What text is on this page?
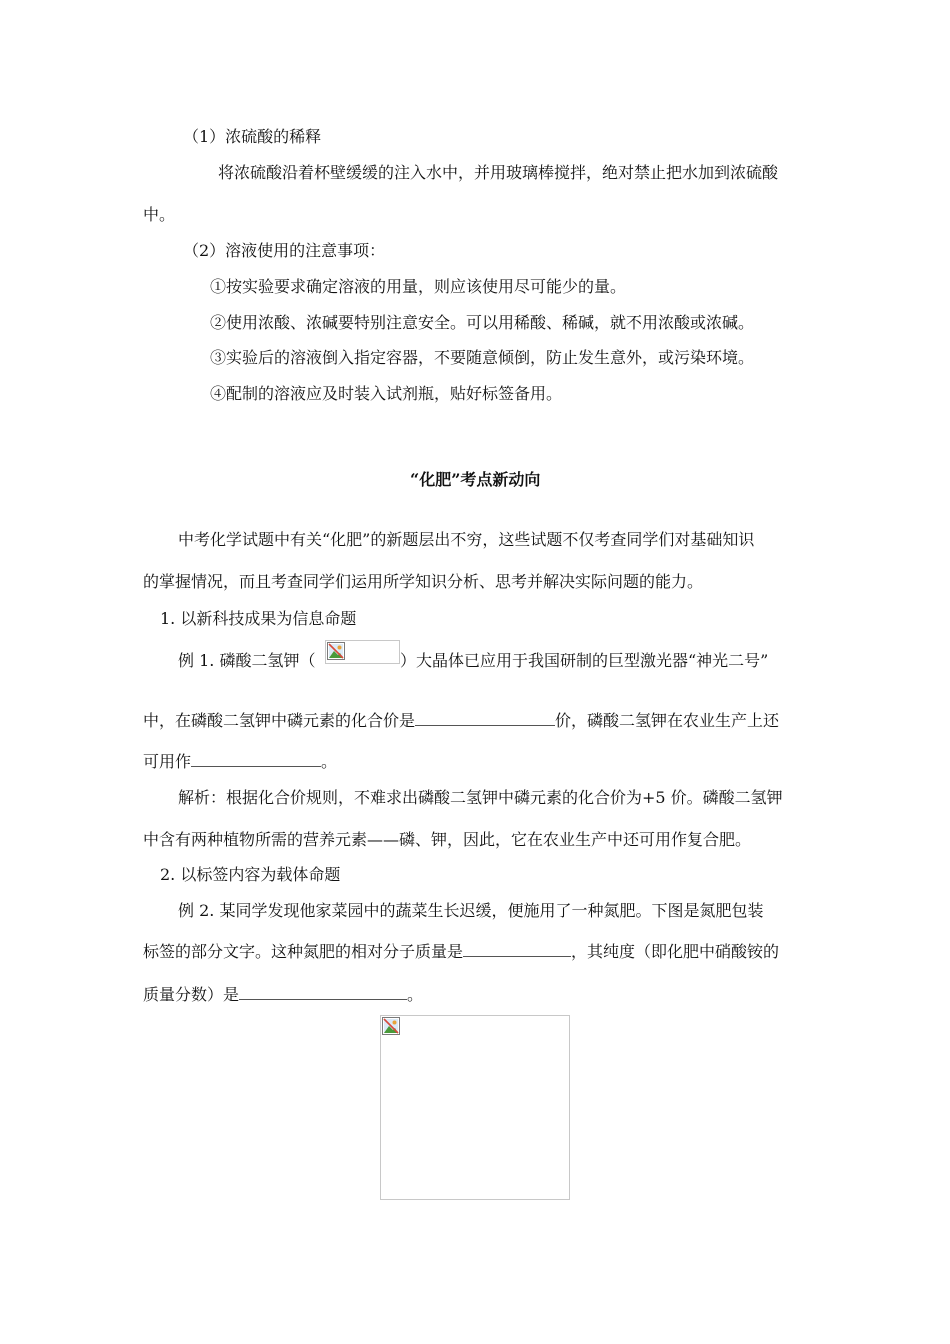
（1）浓硫酸的稀释
将浓硫酸沿着杯壁缓缓的注入水中，并用玻璃棒搅拌，绝对禁止把水加到浓硫酸
中。
（2）溶液使用的注意事项：
①按实验要求确定溶液的用量，则应该使用尽可能少的量。
②使用浓酸、浓碱要特别注意安全。可以用稀酸、稀碱，就不用浓酸或浓碱。
③实验后的溶液倒入指定容器，不要随意倾倒，防止发生意外，或污染环境。
④配制的溶液应及时装入试剂瓶，贴好标签备用。
“化肥”考点新动向
中考化学试题中有关“化肥”的新题层出不穷，这些试题不仅考查同学们对基础知识
的掌握情况，而且考查同学们运用所学知识分析、思考并解决实际问题的能力。
1. 以新科技成果为信息命题
例 1. 磷酸二氢钾（	）大晶体已应用于我国研制的巨型激光器“神光二号”
中，在磷酸二氢钾中磷元素的化合价是	价，磷酸二氢钾在农业生产上还
可用作	。
解析：根据化合价规则，不难求出磷酸二氢钾中磷元素的化合价为+5 价。磷酸二氢钾
中含有两种植物所需的营养元素——磷、钾，因此，它在农业生产中还可用作复合肥。
2. 以标签内容为载体命题
例 2. 某同学发现他家菜园中的蔬菜生长迟缓，便施用了一种氮肥。下图是氮肥包装
标签的部分文字。这种氮肥的相对分子质量是	，其纯度（即化肥中硝酸铵的
质量分数）是	。
